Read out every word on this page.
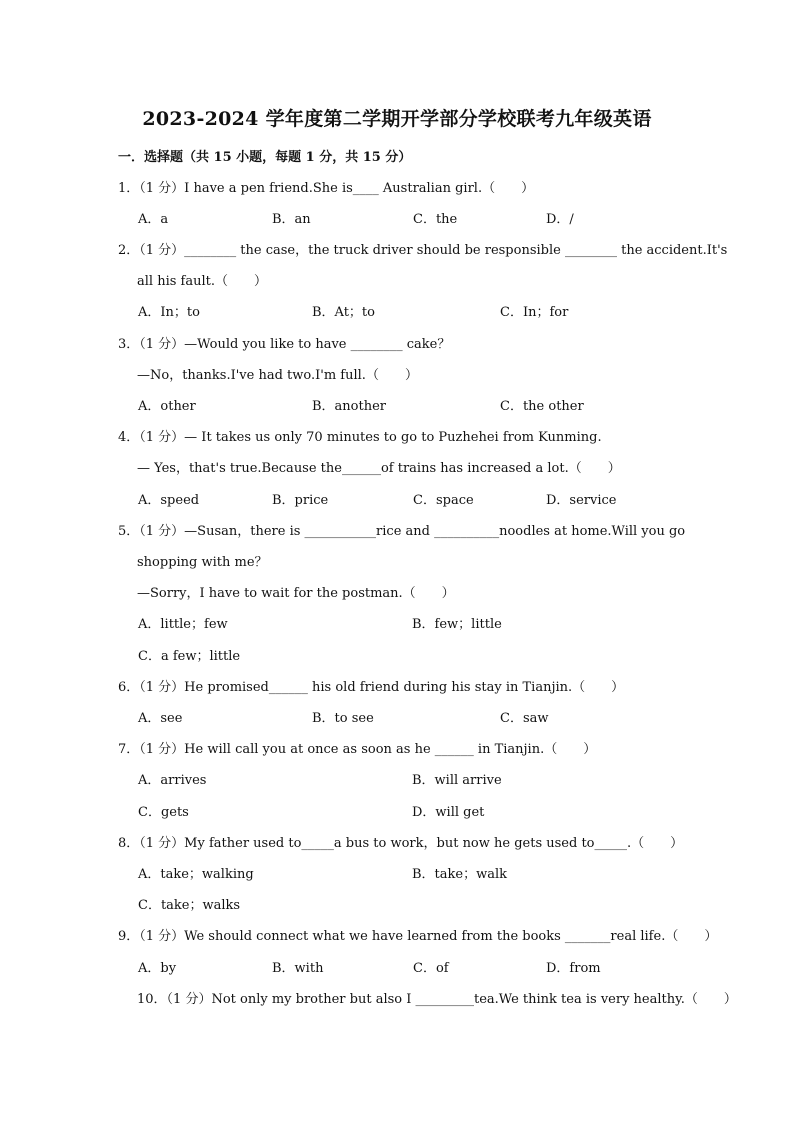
2023-2024 学年度第二学期开学部分学校联考九年级英语
一．选择题（共 15 小题，每题 1 分，共 15 分）
1．（1 分）I have a pen friend.She is____ Australian girl.（　　）
A．a	B．an	C．the	D．/
2．（1 分）________ the case，the truck driver should be responsible ________ the accident.It's
all his fault.（　　）
A．In；to	B．At；to	C．In；for
3．（1 分）—Would you like to have ________ cake？
—No，thanks.I've had two.I'm full.（　　）
A．other	B．another	C．the other
4．（1 分）— It takes us only 70 minutes to go to Puzhehei from Kunming.
— Yes，that's true.Because the______of trains has increased a lot.（　　）
A．speed	B．price	C．space	D．service
5．（1 分）—Susan，there is ___________rice and __________noodles at home.Will you go
shopping with me？
—Sorry，I have to wait for the postman.（　　）
A．little；few	B．few；little
C．a few；little
6．（1 分）He promised______ his old friend during his stay in Tianjin.（　　）
A．see	B．to see	C．saw
7．（1 分）He will call you at once as soon as he ______ in Tianjin.（　　）
A．arrives	B．will arrive
C．gets	D．will get
8．（1 分）My father used to_____a bus to work，but now he gets used to_____.（　　）
A．take；walking	B．take；walk
C．take；walks
9．（1 分）We should connect what we have learned from the books _______real life.（　　）
A．by	B．with	C．of	D．from
10．（1 分）Not only my brother but also I _________tea.We think tea is very healthy.（　　）
